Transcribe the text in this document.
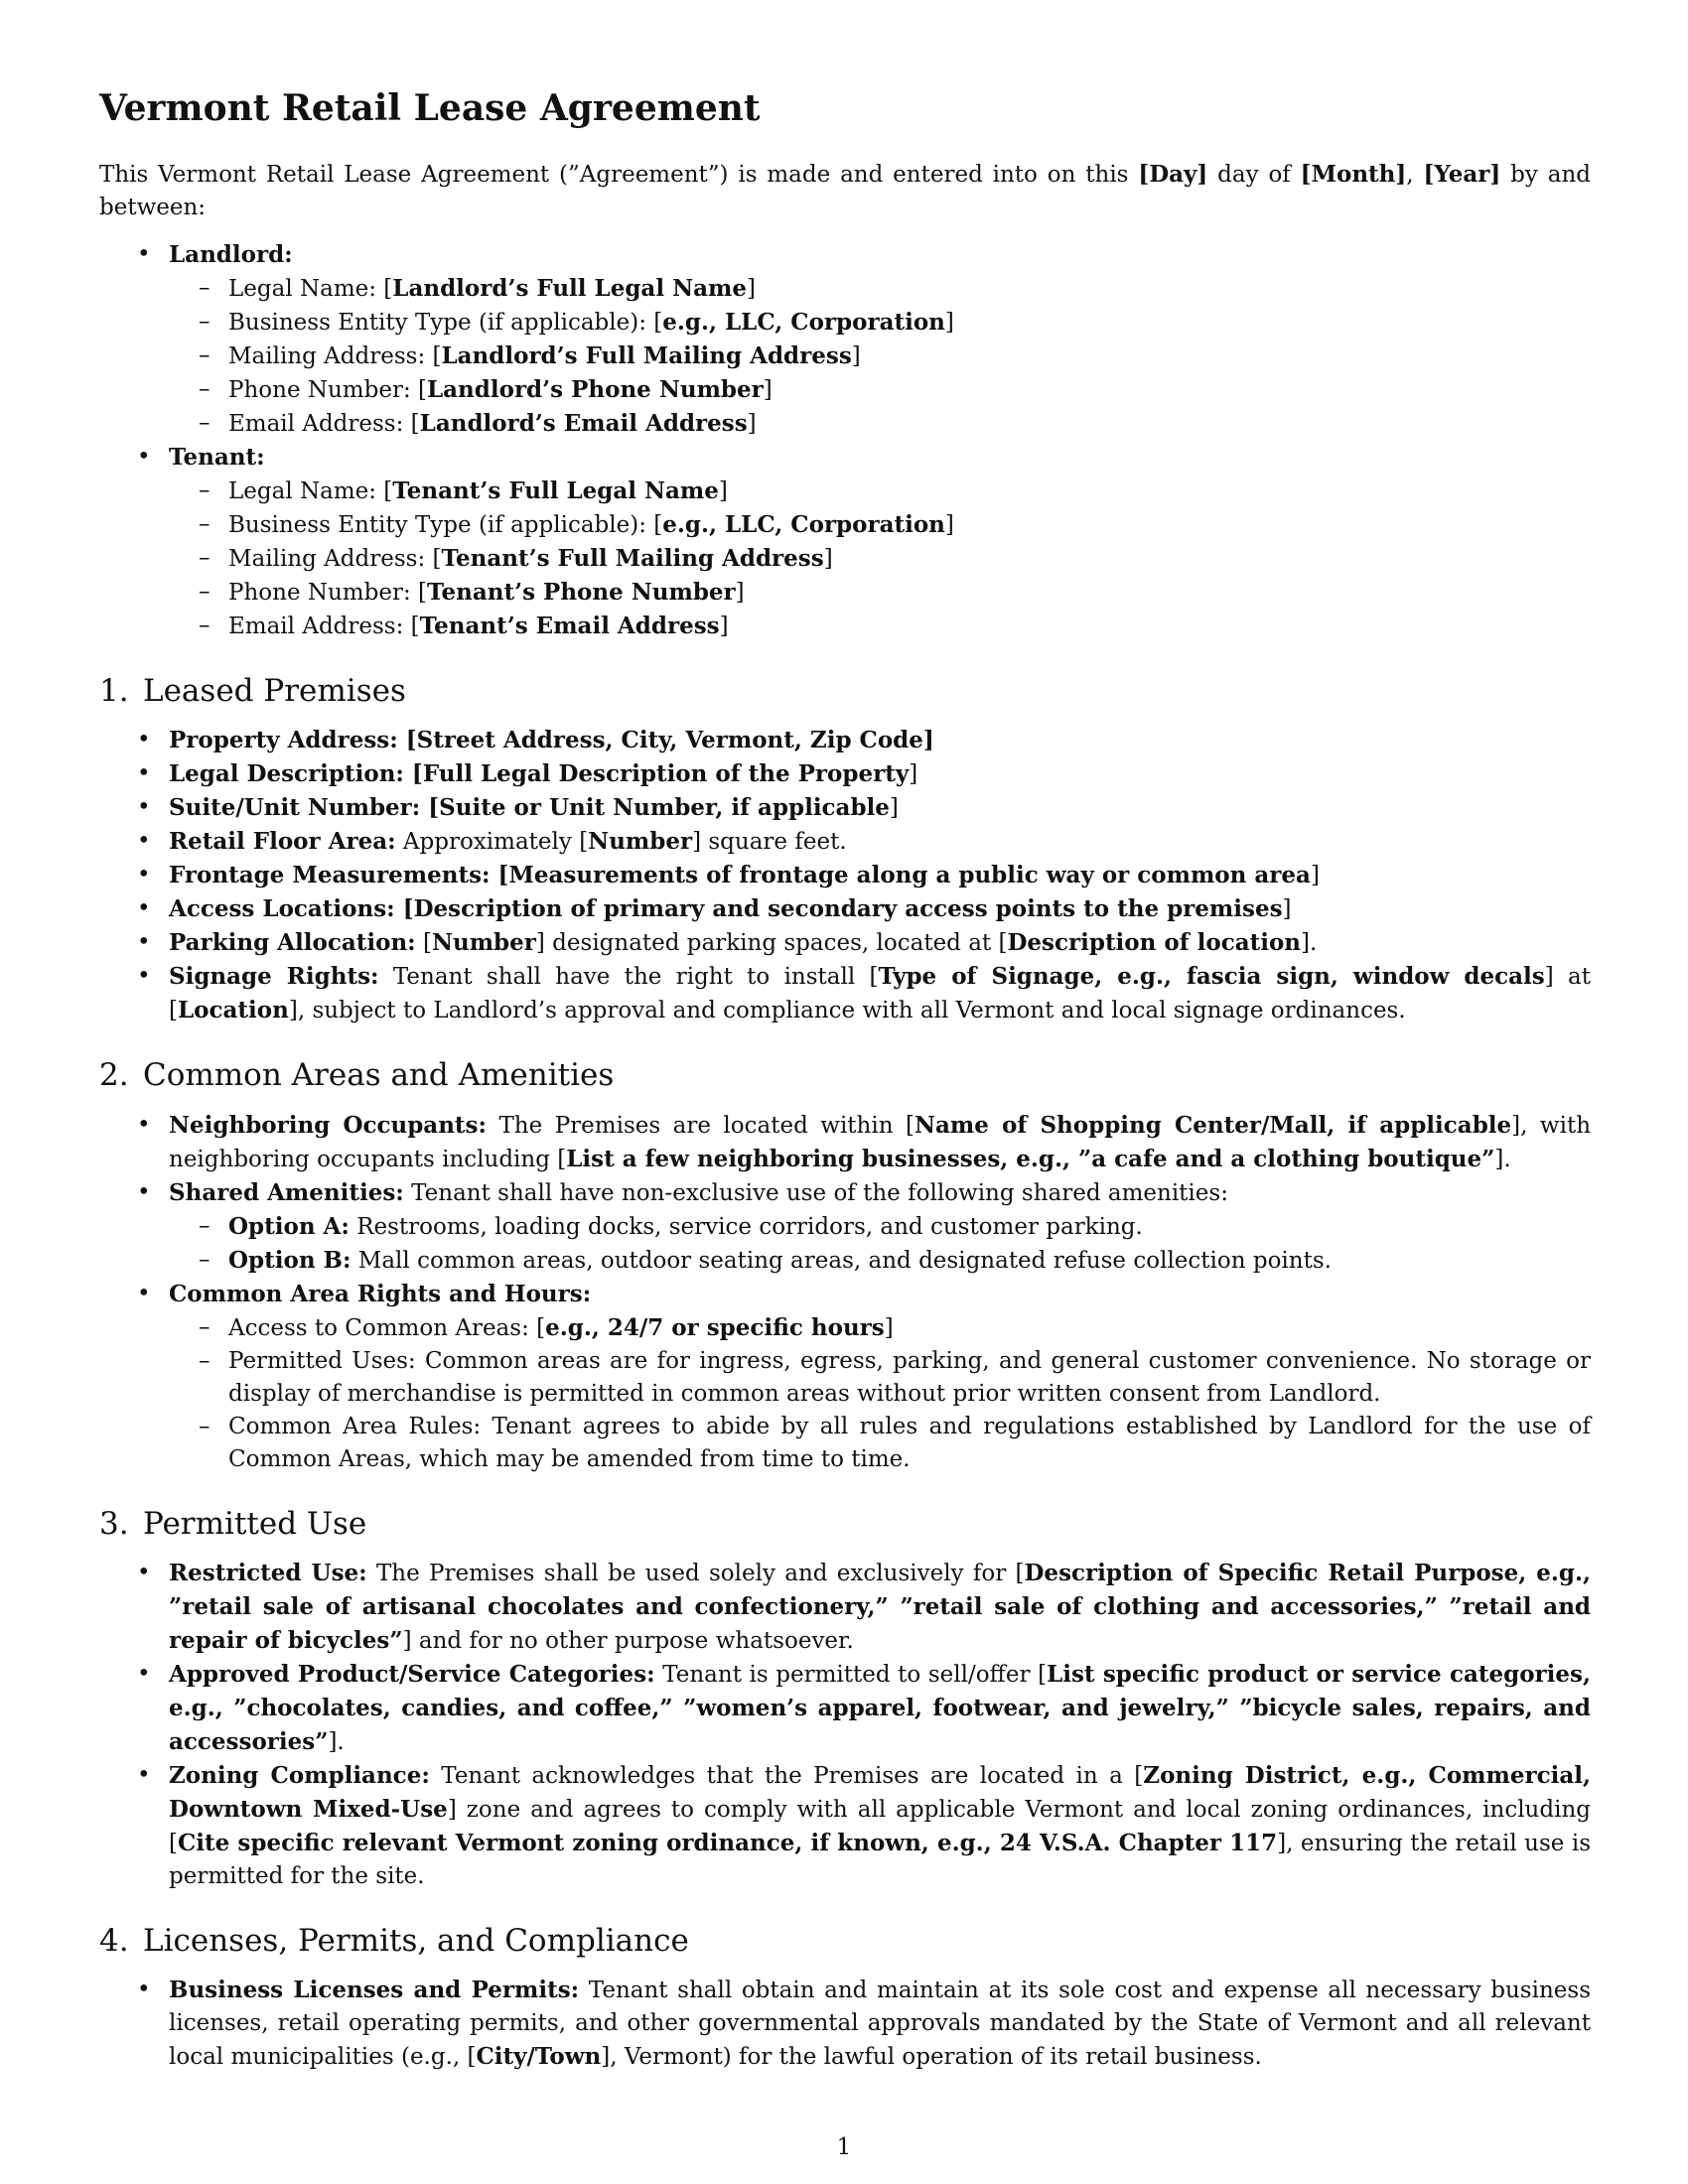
Vermont Retail Lease Agreement

This Vermont Retail Lease Agreement (”Agreement”) is made and entered into on this [Day] day of [Month], [Year] by and between:

• Landlord:
– Legal Name: [Landlord’s Full Legal Name]
– Business Entity Type (if applicable): [e.g., LLC, Corporation]
– Mailing Address: [Landlord’s Full Mailing Address]
– Phone Number: [Landlord’s Phone Number]
– Email Address: [Landlord’s Email Address]
• Tenant:
– Legal Name: [Tenant’s Full Legal Name]
– Business Entity Type (if applicable): [e.g., LLC, Corporation]
– Mailing Address: [Tenant’s Full Mailing Address]
– Phone Number: [Tenant’s Phone Number]
– Email Address: [Tenant’s Email Address]
1. Leased Premises
• Property Address: [Street Address, City, Vermont, Zip Code]
• Legal Description: [Full Legal Description of the Property]
• Suite/Unit Number: [Suite or Unit Number, if applicable]
• Retail Floor Area: Approximately [Number] square feet.
• Frontage Measurements: [Measurements of frontage along a public way or common area]
• Access Locations: [Description of primary and secondary access points to the premises]
• Parking Allocation: [Number] designated parking spaces, located at [Description of location].
• Signage Rights: Tenant shall have the right to install [Type of Signage, e.g., fascia sign, window decals] at [Location], subject to Landlord’s approval and compliance with all Vermont and local signage ordinances.
2. Common Areas and Amenities
• Neighboring Occupants: The Premises are located within [Name of Shopping Center/Mall, if applicable], with neighboring occupants including [List a few neighboring businesses, e.g., ”a cafe and a clothing boutique”].
• Shared Amenities: Tenant shall have non-exclusive use of the following shared amenities:
– Option A: Restrooms, loading docks, service corridors, and customer parking.
– Option B: Mall common areas, outdoor seating areas, and designated refuse collection points.
• Common Area Rights and Hours:
– Access to Common Areas: [e.g., 24/7 or specific hours]
– Permitted Uses: Common areas are for ingress, egress, parking, and general customer convenience. No storage or display of merchandise is permitted in common areas without prior written consent from Landlord.
– Common Area Rules: Tenant agrees to abide by all rules and regulations established by Landlord for the use of Common Areas, which may be amended from time to time.
3. Permitted Use
• Restricted Use: The Premises shall be used solely and exclusively for [Description of Specific Retail Purpose, e.g., ”retail sale of artisanal chocolates and confectionery,” ”retail sale of clothing and accessories,” ”retail and repair of bicycles”] and for no other purpose whatsoever.
• Approved Product/Service Categories: Tenant is permitted to sell/offer [List specific product or service categories, e.g., ”chocolates, candies, and coffee,” ”women’s apparel, footwear, and jewelry,” ”bicycle sales, repairs, and accessories”].
• Zoning Compliance: Tenant acknowledges that the Premises are located in a [Zoning District, e.g., Commercial, Downtown Mixed-Use] zone and agrees to comply with all applicable Vermont and local zoning ordinances, including [Cite specific relevant Vermont zoning ordinance, if known, e.g., 24 V.S.A. Chapter 117], ensuring the retail use is permitted for the site.
4. Licenses, Permits, and Compliance
• Business Licenses and Permits: Tenant shall obtain and maintain at its sole cost and expense all necessary business licenses, retail operating permits, and other governmental approvals mandated by the State of Vermont and all relevant local municipalities (e.g., [City/Town], Vermont) for the lawful operation of its retail business.
1
